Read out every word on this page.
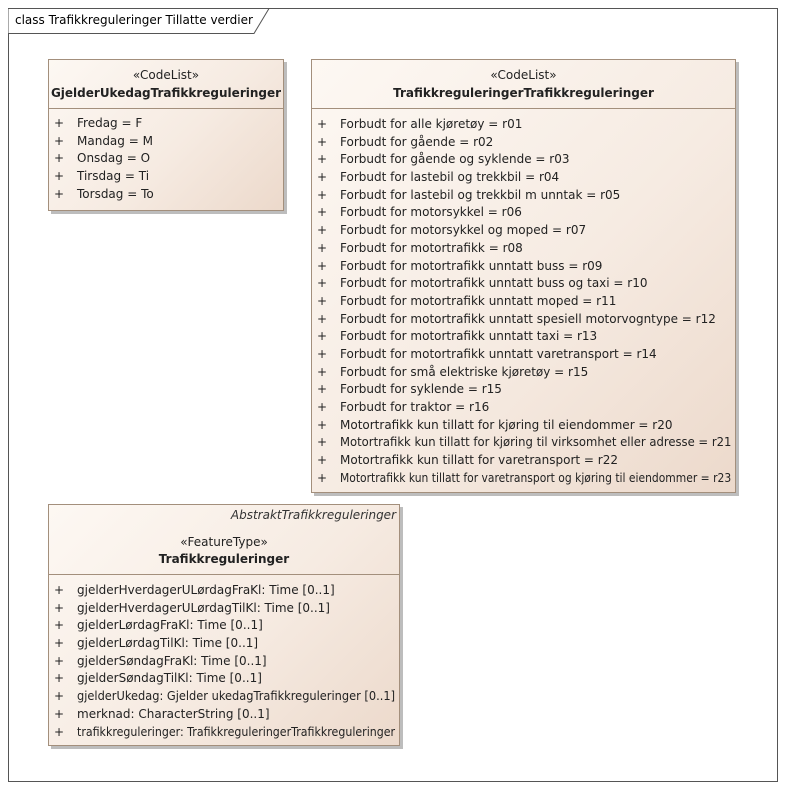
class Trafikkreguleringer Tillatte verdier
«CodeList»
GjelderUkedagTrafikkreguleringer
+ Fredag = F
+ Mandag = M
+ Onsdag = O
+ Tirsdag = Ti
+ Torsdag = To
«CodeList»
TrafikkreguleringerTrafikkreguleringer
+ Forbudt for alle kjøretøy = r01
+ Forbudt for gående = r02
+ Forbudt for gående og syklende = r03
+ Forbudt for lastebil og trekkbil = r04
+ Forbudt for lastebil og trekkbil m unntak = r05
+ Forbudt for motorsykkel = r06
+ Forbudt for motorsykkel og moped = r07
+ Forbudt for motortrafikk = r08
+ Forbudt for motortrafikk unntatt buss = r09
+ Forbudt for motortrafikk unntatt buss og taxi = r10
+ Forbudt for motortrafikk unntatt moped = r11
+ Forbudt for motortrafikk unntatt spesiell motorvogntype = r12
+ Forbudt for motortrafikk unntatt taxi = r13
+ Forbudt for motortrafikk unntatt varetransport = r14
+ Forbudt for små elektriske kjøretøy = r15
+ Forbudt for syklende = r15
+ Forbudt for traktor = r16
+ Motortrafikk kun tillatt for kjøring til eiendommer = r20
+ Motortrafikk kun tillatt for kjøring til virksomhet eller adresse = r21
+ Motortrafikk kun tillatt for varetransport = r22
+ Motortrafikk kun tillatt for varetransport og kjøring til eiendommer = r23
AbstraktTrafikkreguleringer
«FeatureType»
Trafikkreguleringer
+ gjelderHverdagerULørdagFraKl: Time [0..1]
+ gjelderHverdagerULørdagTilKl: Time [0..1]
+ gjelderLørdagFraKl: Time [0..1]
+ gjelderLørdagTilKl: Time [0..1]
+ gjelderSøndagFraKl: Time [0..1]
+ gjelderSøndagTilKl: Time [0..1]
+ gjelderUkedag: Gjelder ukedagTrafikkreguleringer [0..1]
+ merknad: CharacterString [0..1]
+ trafikkreguleringer: TrafikkreguleringerTrafikkreguleringer
